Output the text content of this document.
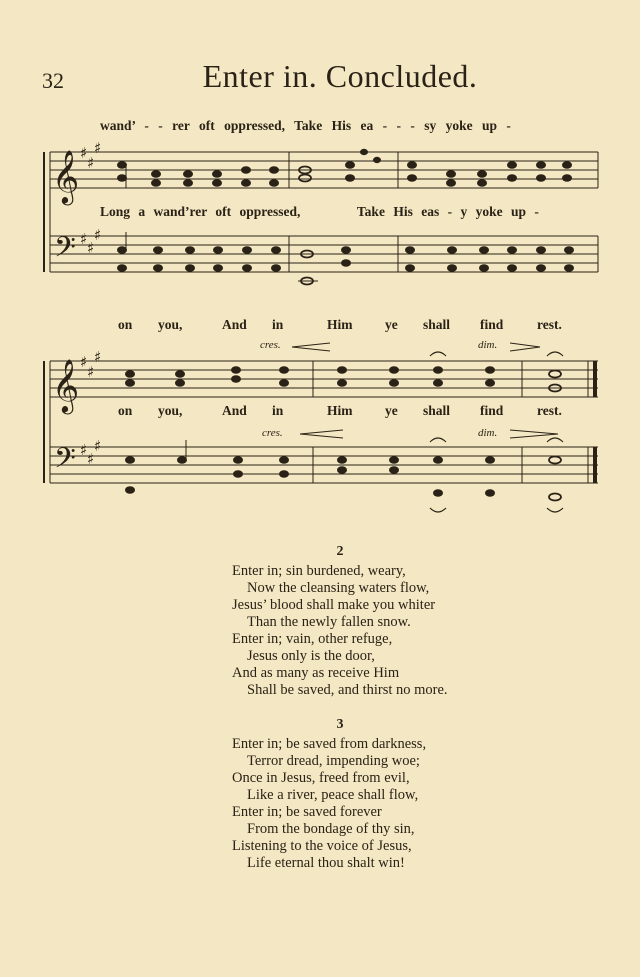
32	Enter in. Concluded.
𝄞
𝄢
♯
♯
♯
♯ ♯
♯
𝄞
𝄢
♯
♯
♯
♯ ♯
♯
wand’ - - rer oft oppressed, Take His ea - - - sy yoke up -
Long a wand’rer oft oppressed,	Take His eas - y yoke up -
on you,	And in	Him ye shall find rest.
on you,	And in	Him ye shall find rest.
cres.	dim.
cres.	dim.
2
Enter in; sin burdened, weary,
Now the cleansing waters flow,
Jesus’ blood shall make you whiter
Than the newly fallen snow.
Enter in; vain, other refuge,
Jesus only is the door,
And as many as receive Him
Shall be saved, and thirst no more.
3
Enter in; be saved from darkness,
Terror dread, impending woe;
Once in Jesus, freed from evil,
Like a river, peace shall flow,
Enter in; be saved forever
From the bondage of thy sin,
Listening to the voice of Jesus,
Life eternal thou shalt win!
